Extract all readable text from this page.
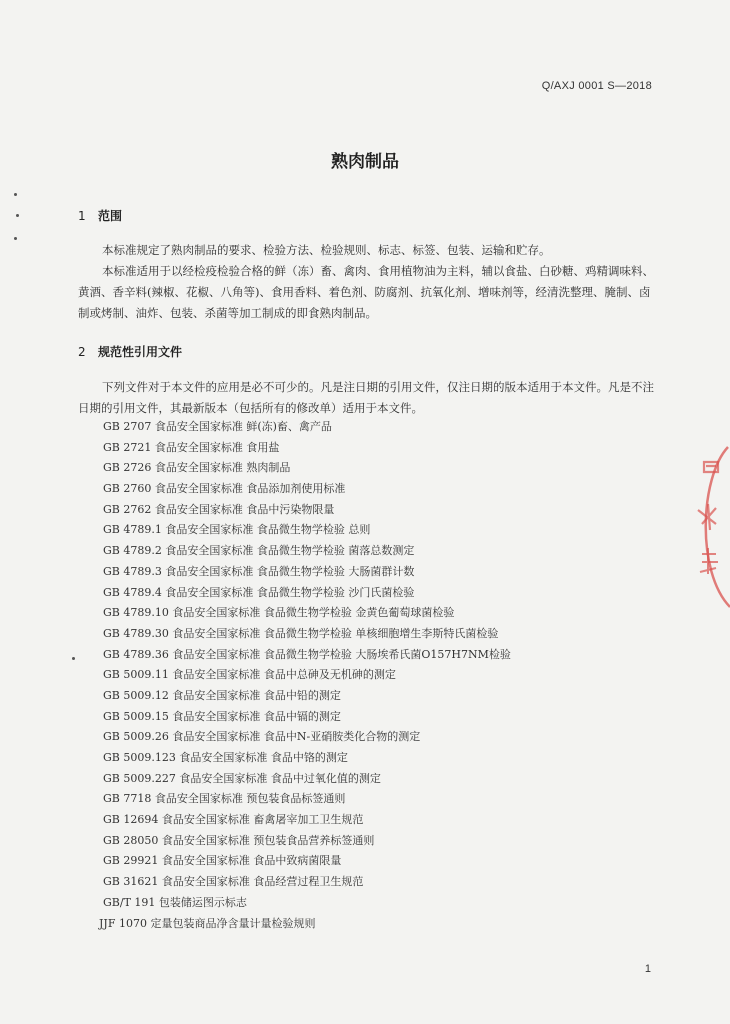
Q/AXJ 0001 S—2018
熟肉制品
1 范围

本标准规定了熟肉制品的要求、检验方法、检验规则、标志、标签、包装、运输和贮存。

本标准适用于以经检疫检验合格的鲜（冻）畜、禽肉、食用植物油为主料，辅以食盐、白砂糖、鸡精调味料、黄酒、香辛料(辣椒、花椒、八角等)、食用香料、着色剂、防腐剂、抗氧化剂、增味剂等，经清洗整理、腌制、卤制或烤制、油炸、包装、杀菌等加工制成的即食熟肉制品。

2 规范性引用文件

下列文件对于本文件的应用是必不可少的。凡是注日期的引用文件，仅注日期的版本适用于本文件。凡是不注日期的引用文件，其最新版本（包括所有的修改单）适用于本文件。

GB 2707 食品安全国家标准 鲜(冻)畜、禽产品
GB 2721 食品安全国家标准 食用盐
GB 2726 食品安全国家标准 熟肉制品
GB 2760 食品安全国家标准 食品添加剂使用标准
GB 2762 食品安全国家标准 食品中污染物限量
GB 4789.1 食品安全国家标准 食品微生物学检验 总则
GB 4789.2 食品安全国家标准 食品微生物学检验 菌落总数测定
GB 4789.3 食品安全国家标准 食品微生物学检验 大肠菌群计数
GB 4789.4 食品安全国家标准 食品微生物学检验 沙门氏菌检验
GB 4789.10 食品安全国家标准 食品微生物学检验 金黄色葡萄球菌检验
GB 4789.30 食品安全国家标准 食品微生物学检验 单核细胞增生李斯特氏菌检验
GB 4789.36 食品安全国家标准 食品微生物学检验 大肠埃希氏菌O157H7NM检验
GB 5009.11 食品安全国家标准 食品中总砷及无机砷的测定
GB 5009.12 食品安全国家标准 食品中铅的测定
GB 5009.15 食品安全国家标准 食品中镉的测定
GB 5009.26 食品安全国家标准 食品中N-亚硝胺类化合物的测定
GB 5009.123 食品安全国家标准 食品中铬的测定
GB 5009.227 食品安全国家标准 食品中过氧化值的测定
GB 7718 食品安全国家标准 预包装食品标签通则
GB 12694 食品安全国家标准 畜禽屠宰加工卫生规范
GB 28050 食品安全国家标准 预包装食品营养标签通则
GB 29921 食品安全国家标准 食品中致病菌限量
GB 31621 食品安全国家标准 食品经营过程卫生规范
GB/T 191 包装储运图示标志
JJF 1070 定量包装商品净含量计量检验规则
1
